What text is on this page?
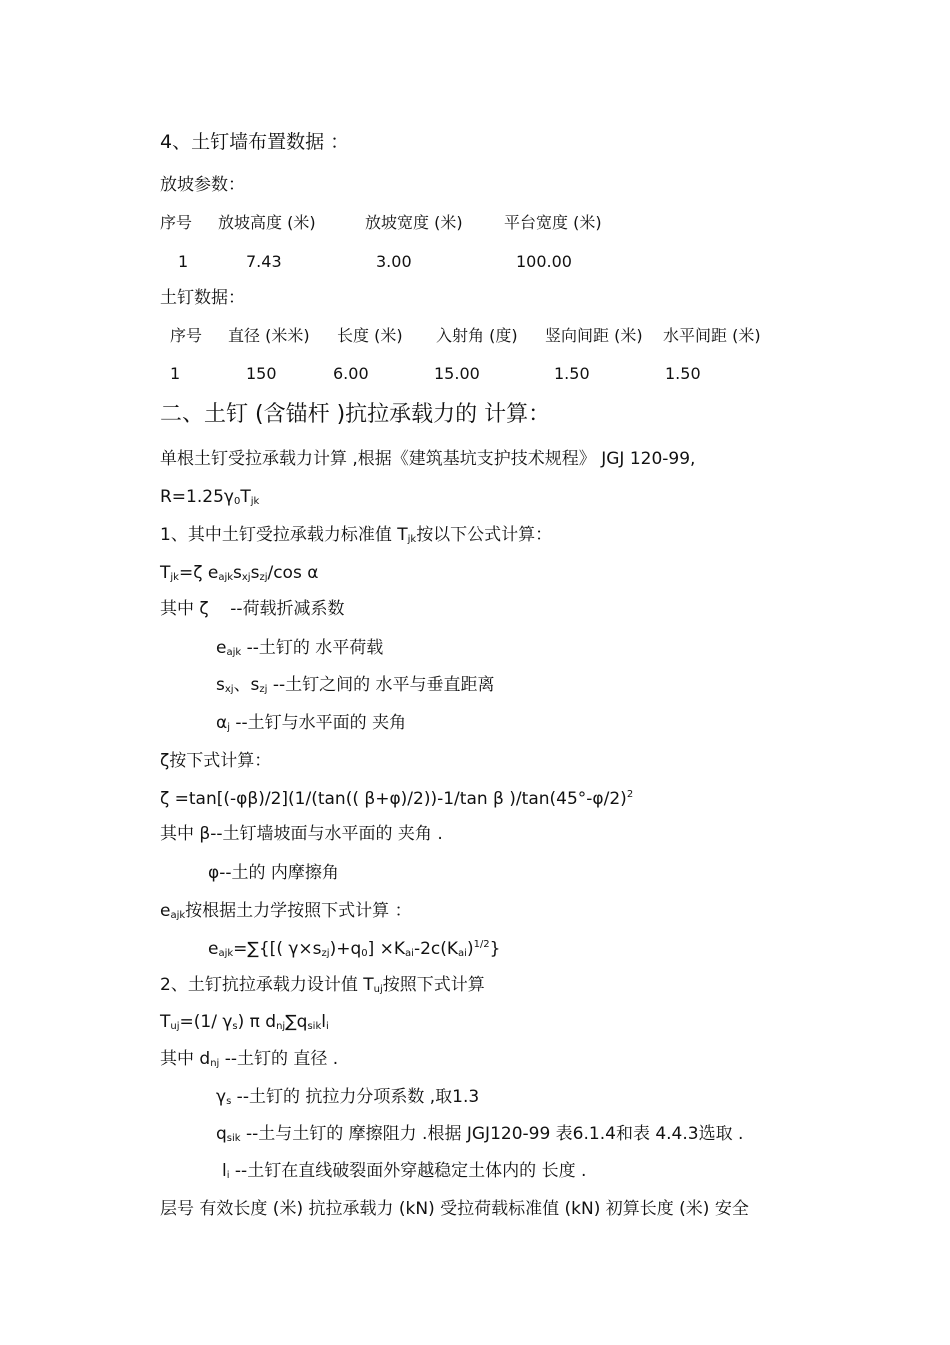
4、土钉墙布置数据 ：
放坡参数：
序号 放坡高度 (米)	放坡宽度 (米)	平台宽度 (米)
1	7.43	3.00	100.00
土钉数据：
序号 直径 (米米) 长度 (米) 入射角 (度) 竖向间距 (米) 水平间距 (米)
1	150	6.00	15.00	1.50	1.50
二、土钉 (含锚杆 )抗拉承载力的 计算：
单根土钉受拉承载力计算 ,根据《建筑基坑支护技术规程》 JGJ 120-99,
$R=1.25\gamma_0T_{jk}$
1、其中土钉受拉承载力标准值 $T_{jk}$按以下公式计算：
$T_{jk}=\zeta$ $e_{ajk}s_{xj}s_{zj}/\cos$ α
其中 ζ --荷载折减系数
$e_{ajk}$ --土钉的 水平荷载
$s_{xj}$、$s_{zj}$ --土钉之间的 水平与垂直距离
$\alpha_j$ --土钉与水平面的 夹角
ζ按下式计算：
ζ =tan[(-φβ)/2](1/(tan(( β+φ)/2))-1/tan β )$/\tan(45^\circ-\varphi/2)^2$
其中 β--土钉墙坡面与水平面的 夹角 .
φ--土的 内摩擦角
$e_{ajk}$按根据土力学按照下式计算 ：
$e_{ajk}=\sum${[( $\gamma\times s_{zj})+q_0] \times K_{ai}-2c(K_{ai})^{1/2}$}
2、土钉抗拉承载力设计值 $T_{uj}$按照下式计算
$T_{uj}=(1/$ $\gamma_s$) π $d_{nj}\sum q_{sik}l_i$
其中 $d_{nj}$ --土钉的 直径 .
$\gamma_s$ --土钉的 抗拉力分项系数 ,取1.3
$q_{sik}$ --土与土钉的 摩擦阻力 .根据 JGJ120-99 表6.1.4和表 4.4.3选取 .
$l_i$ --土钉在直线破裂面外穿越稳定土体内的 长度 .
层号 有效长度 (米) 抗拉承载力 (kN) 受拉荷载标准值 (kN) 初算长度 (米) 安全
